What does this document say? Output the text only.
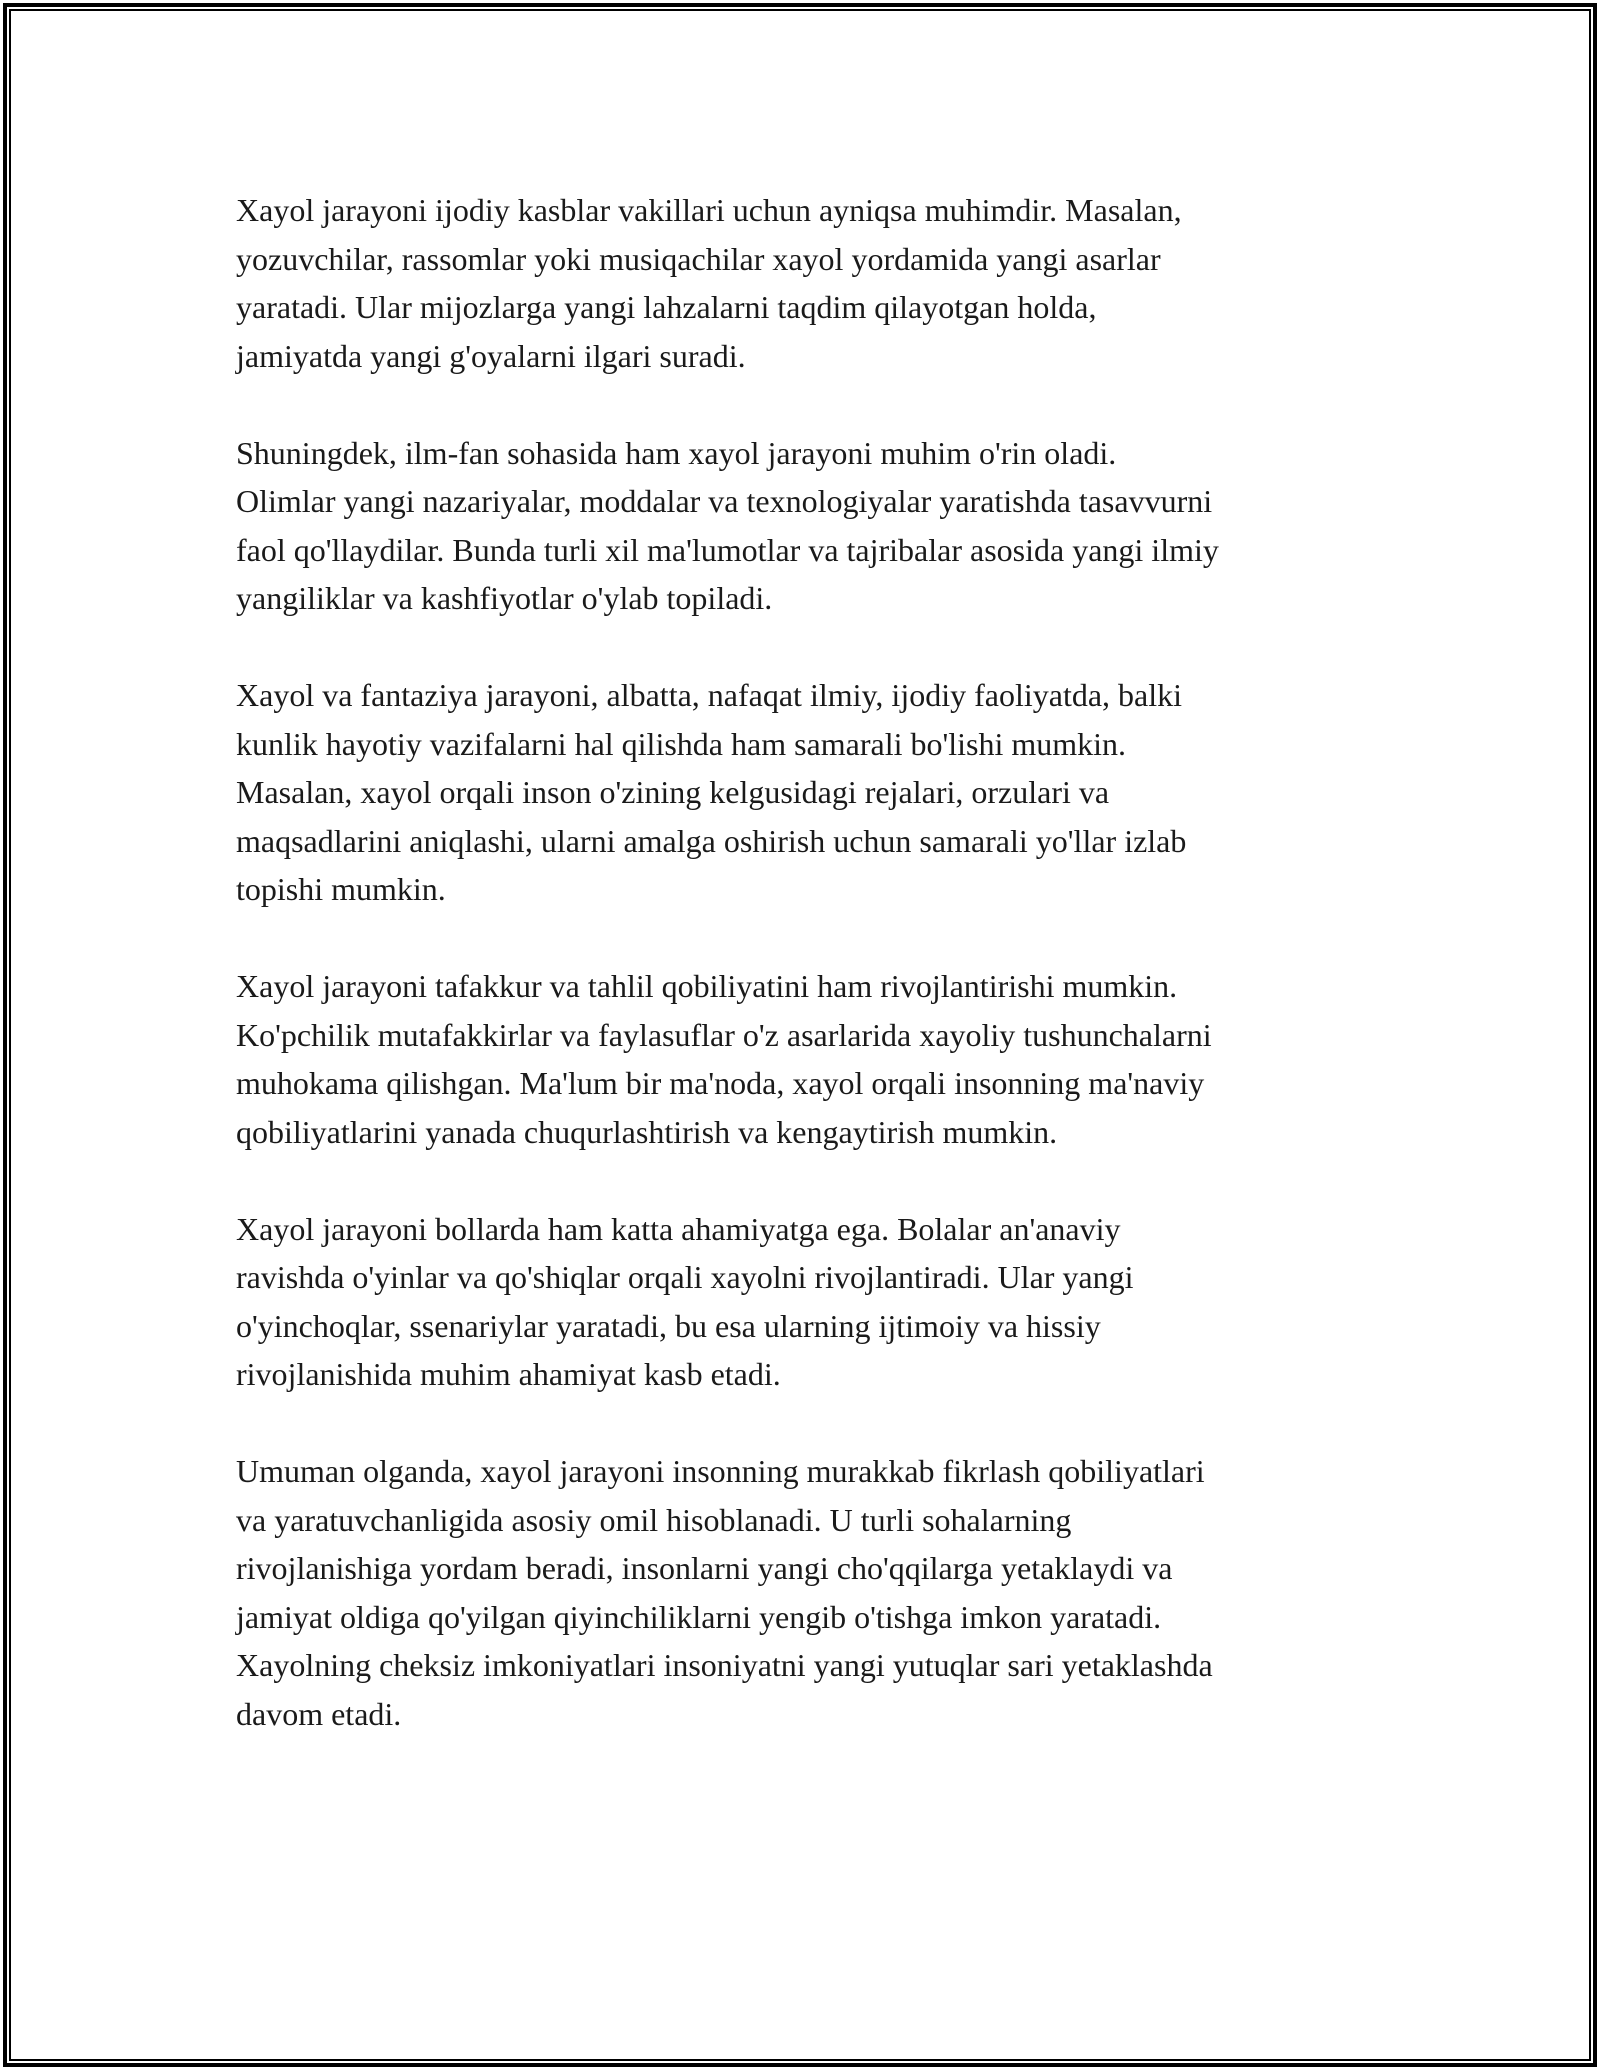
Xayol jarayoni ijodiy kasblar vakillari uchun ayniqsa muhimdir. Masalan,
yozuvchilar, rassomlar yoki musiqachilar xayol yordamida yangi asarlar
yaratadi. Ular mijozlarga yangi lahzalarni taqdim qilayotgan holda,
jamiyatda yangi g'oyalarni ilgari suradi.

Shuningdek, ilm-fan sohasida ham xayol jarayoni muhim o'rin oladi.
Olimlar yangi nazariyalar, moddalar va texnologiyalar yaratishda tasavvurni
faol qo'llaydilar. Bunda turli xil ma'lumotlar va tajribalar asosida yangi ilmiy
yangiliklar va kashfiyotlar o'ylab topiladi.

Xayol va fantaziya jarayoni, albatta, nafaqat ilmiy, ijodiy faoliyatda, balki
kunlik hayotiy vazifalarni hal qilishda ham samarali bo'lishi mumkin.
Masalan, xayol orqali inson o'zining kelgusidagi rejalari, orzulari va
maqsadlarini aniqlashi, ularni amalga oshirish uchun samarali yo'llar izlab
topishi mumkin.

Xayol jarayoni tafakkur va tahlil qobiliyatini ham rivojlantirishi mumkin.
Ko'pchilik mutafakkirlar va faylasuflar o'z asarlarida xayoliy tushunchalarni
muhokama qilishgan. Ma'lum bir ma'noda, xayol orqali insonning ma'naviy
qobiliyatlarini yanada chuqurlashtirish va kengaytirish mumkin.

Xayol jarayoni bollarda ham katta ahamiyatga ega. Bolalar an'anaviy
ravishda o'yinlar va qo'shiqlar orqali xayolni rivojlantiradi. Ular yangi
o'yinchoqlar, ssenariylar yaratadi, bu esa ularning ijtimoiy va hissiy
rivojlanishida muhim ahamiyat kasb etadi.

Umuman olganda, xayol jarayoni insonning murakkab fikrlash qobiliyatlari
va yaratuvchanligida asosiy omil hisoblanadi. U turli sohalarning
rivojlanishiga yordam beradi, insonlarni yangi cho'qqilarga yetaklaydi va
jamiyat oldiga qo'yilgan qiyinchiliklarni yengib o'tishga imkon yaratadi.
Xayolning cheksiz imkoniyatlari insoniyatni yangi yutuqlar sari yetaklashda
davom etadi.
